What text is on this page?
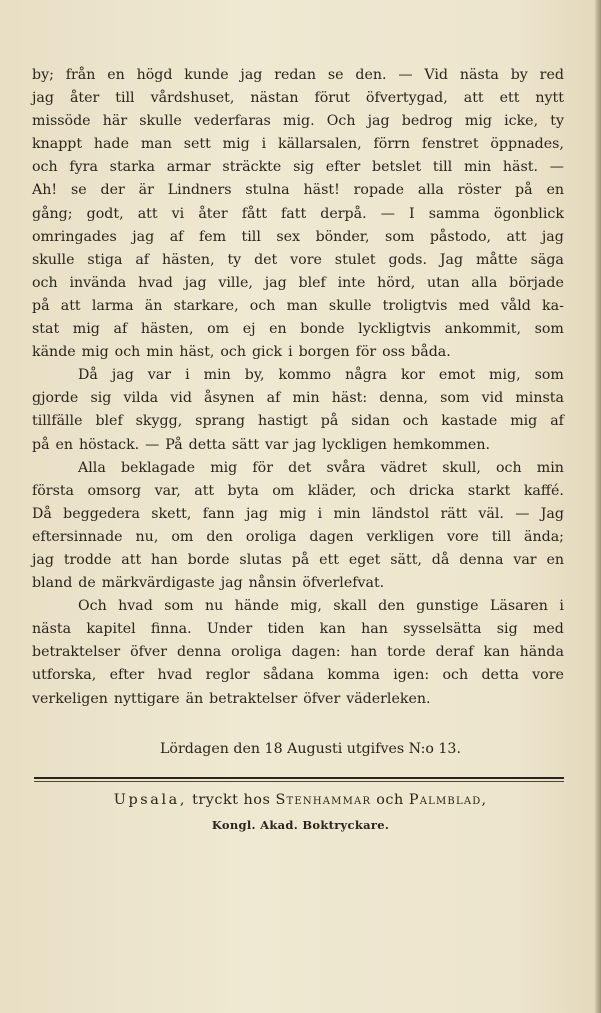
by; från en högd kunde jag redan se den. — Vid nästa by red
jag åter till vårdshuset, nästan förut öfvertygad, att ett nytt
missöde här skulle vederfaras mig. Och jag bedrog mig icke, ty
knappt hade man sett mig i källarsalen, förrn fenstret öppnades,
och fyra starka armar sträckte sig efter betslet till min häst. —
Ah! se der är Lindners stulna häst! ropade alla röster på en
gång; godt, att vi åter fått fatt derpå. — I samma ögonblick
omringades jag af fem till sex bönder, som påstodo, att jag
skulle stiga af hästen, ty det vore stulet gods. Jag måtte säga
och invända hvad jag ville, jag blef inte hörd, utan alla började
på att larma än starkare, och man skulle troligtvis med våld ka-
stat mig af hästen, om ej en bonde lyckligtvis ankommit, som
kände mig och min häst, och gick i borgen för oss båda.
Då jag var i min by, kommo några kor emot mig, som
gjorde sig vilda vid åsynen af min häst: denna, som vid minsta
tillfälle blef skygg, sprang hastigt på sidan och kastade mig af
på en höstack. — På detta sätt var jag lyckligen hemkommen.
Alla beklagade mig för det svåra vädret skull, och min
första omsorg var, att byta om kläder, och dricka starkt kaffé.
Då beggedera skett, fann jag mig i min ländstol rätt väl. — Jag
eftersinnade nu, om den oroliga dagen verkligen vore till ända;
jag trodde att han borde slutas på ett eget sätt, då denna var en
bland de märkvärdigaste jag nånsin öfverlefvat.
Och hvad som nu hände mig, skall den gunstige Läsaren i
nästa kapitel finna. Under tiden kan han sysselsätta sig med
betraktelser öfver denna oroliga dagen: han torde deraf kan hända
utforska, efter hvad reglor sådana komma igen: och detta vore
verkeligen nyttigare än betraktelser öfver väderleken.
Lördagen den 18 Augusti utgifves N:o 13.
Upsala, tryckt hos Stenhammar och Palmblad,
Kongl. Akad. Boktryckare.
